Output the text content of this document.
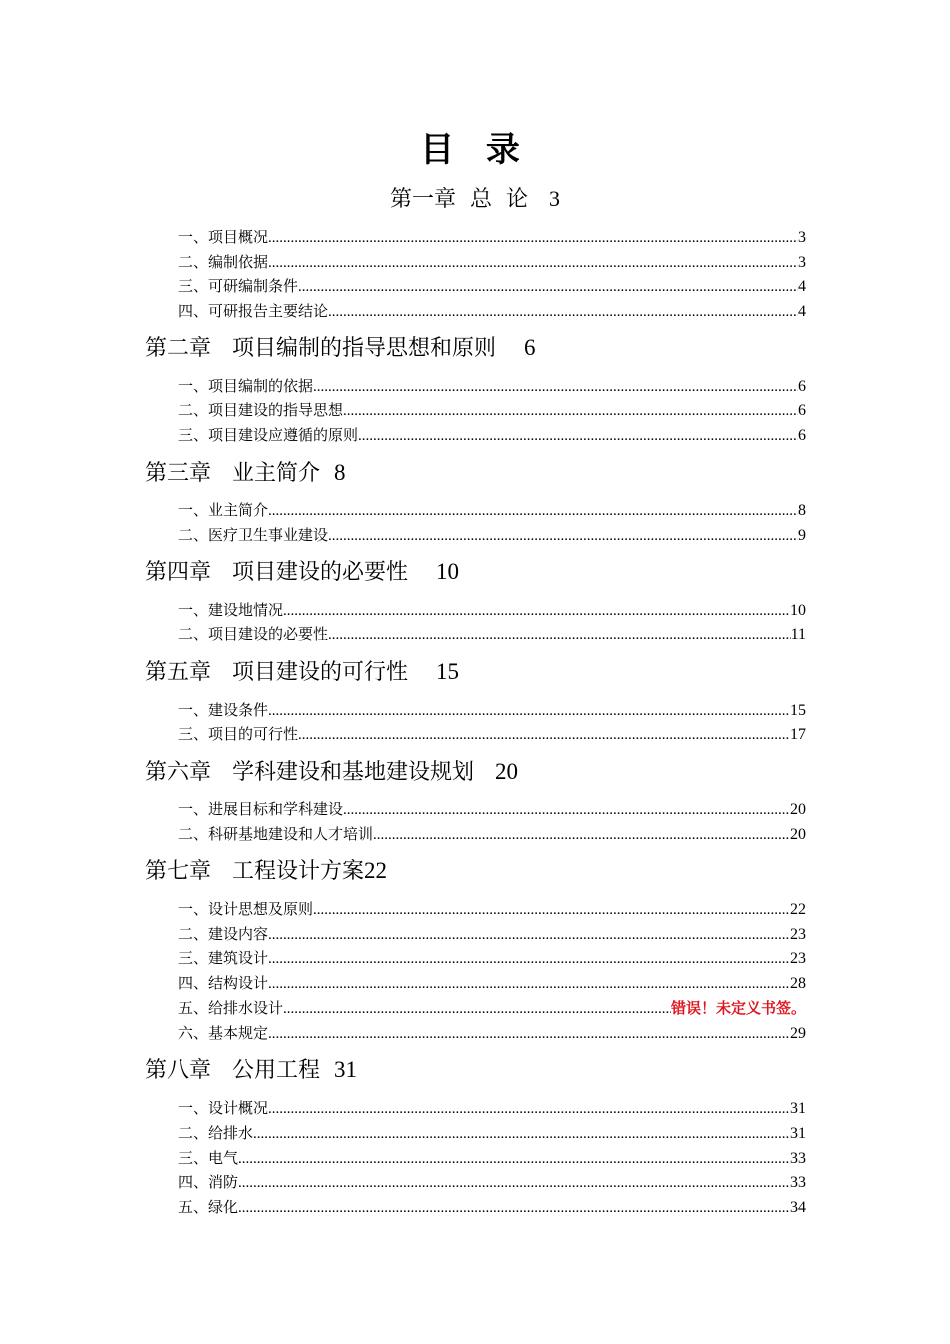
目 录
第一章  总  论 3
一、项目概况 .....	3
二、编制依据 .....	3
三、可研编制条件 .....	4
四、可研报告主要结论 .....	4
第二章   项目编制的指导思想和原则 6
一、项目编制的依据 .....	6
二、项目建设的指导思想 .....	6
三、项目建设应遵循的原则 .....	6
第三章   业主简介 8
一、业主简介 .....	8
二、医疗卫生事业建设 .....	9
第四章   项目建设的必要性 10
一、建设地情况 .....	10
二、项目建设的必要性 .....	11
第五章   项目建设的可行性 15
一、建设条件 .....	15
三、项目的可行性 .....	17
第六章   学科建设和基地建设规划 20
一、进展目标和学科建设 .....	20
二、科研基地建设和人才培训 .....	20
第七章   工程设计方案22
一、设计思想及原则 .....	22
二、建设内容 .....	23
三、建筑设计 .....	23
四、结构设计 .....	28
五、给排水设计 .....	错误！未定义书签。
六、基本规定 .....	29
第八章   公用工程 31
一、设计概况 .....	31
二、给排水 .....	31
三、电气 .....	33
四、消防 .....	33
五、绿化 .....	34
